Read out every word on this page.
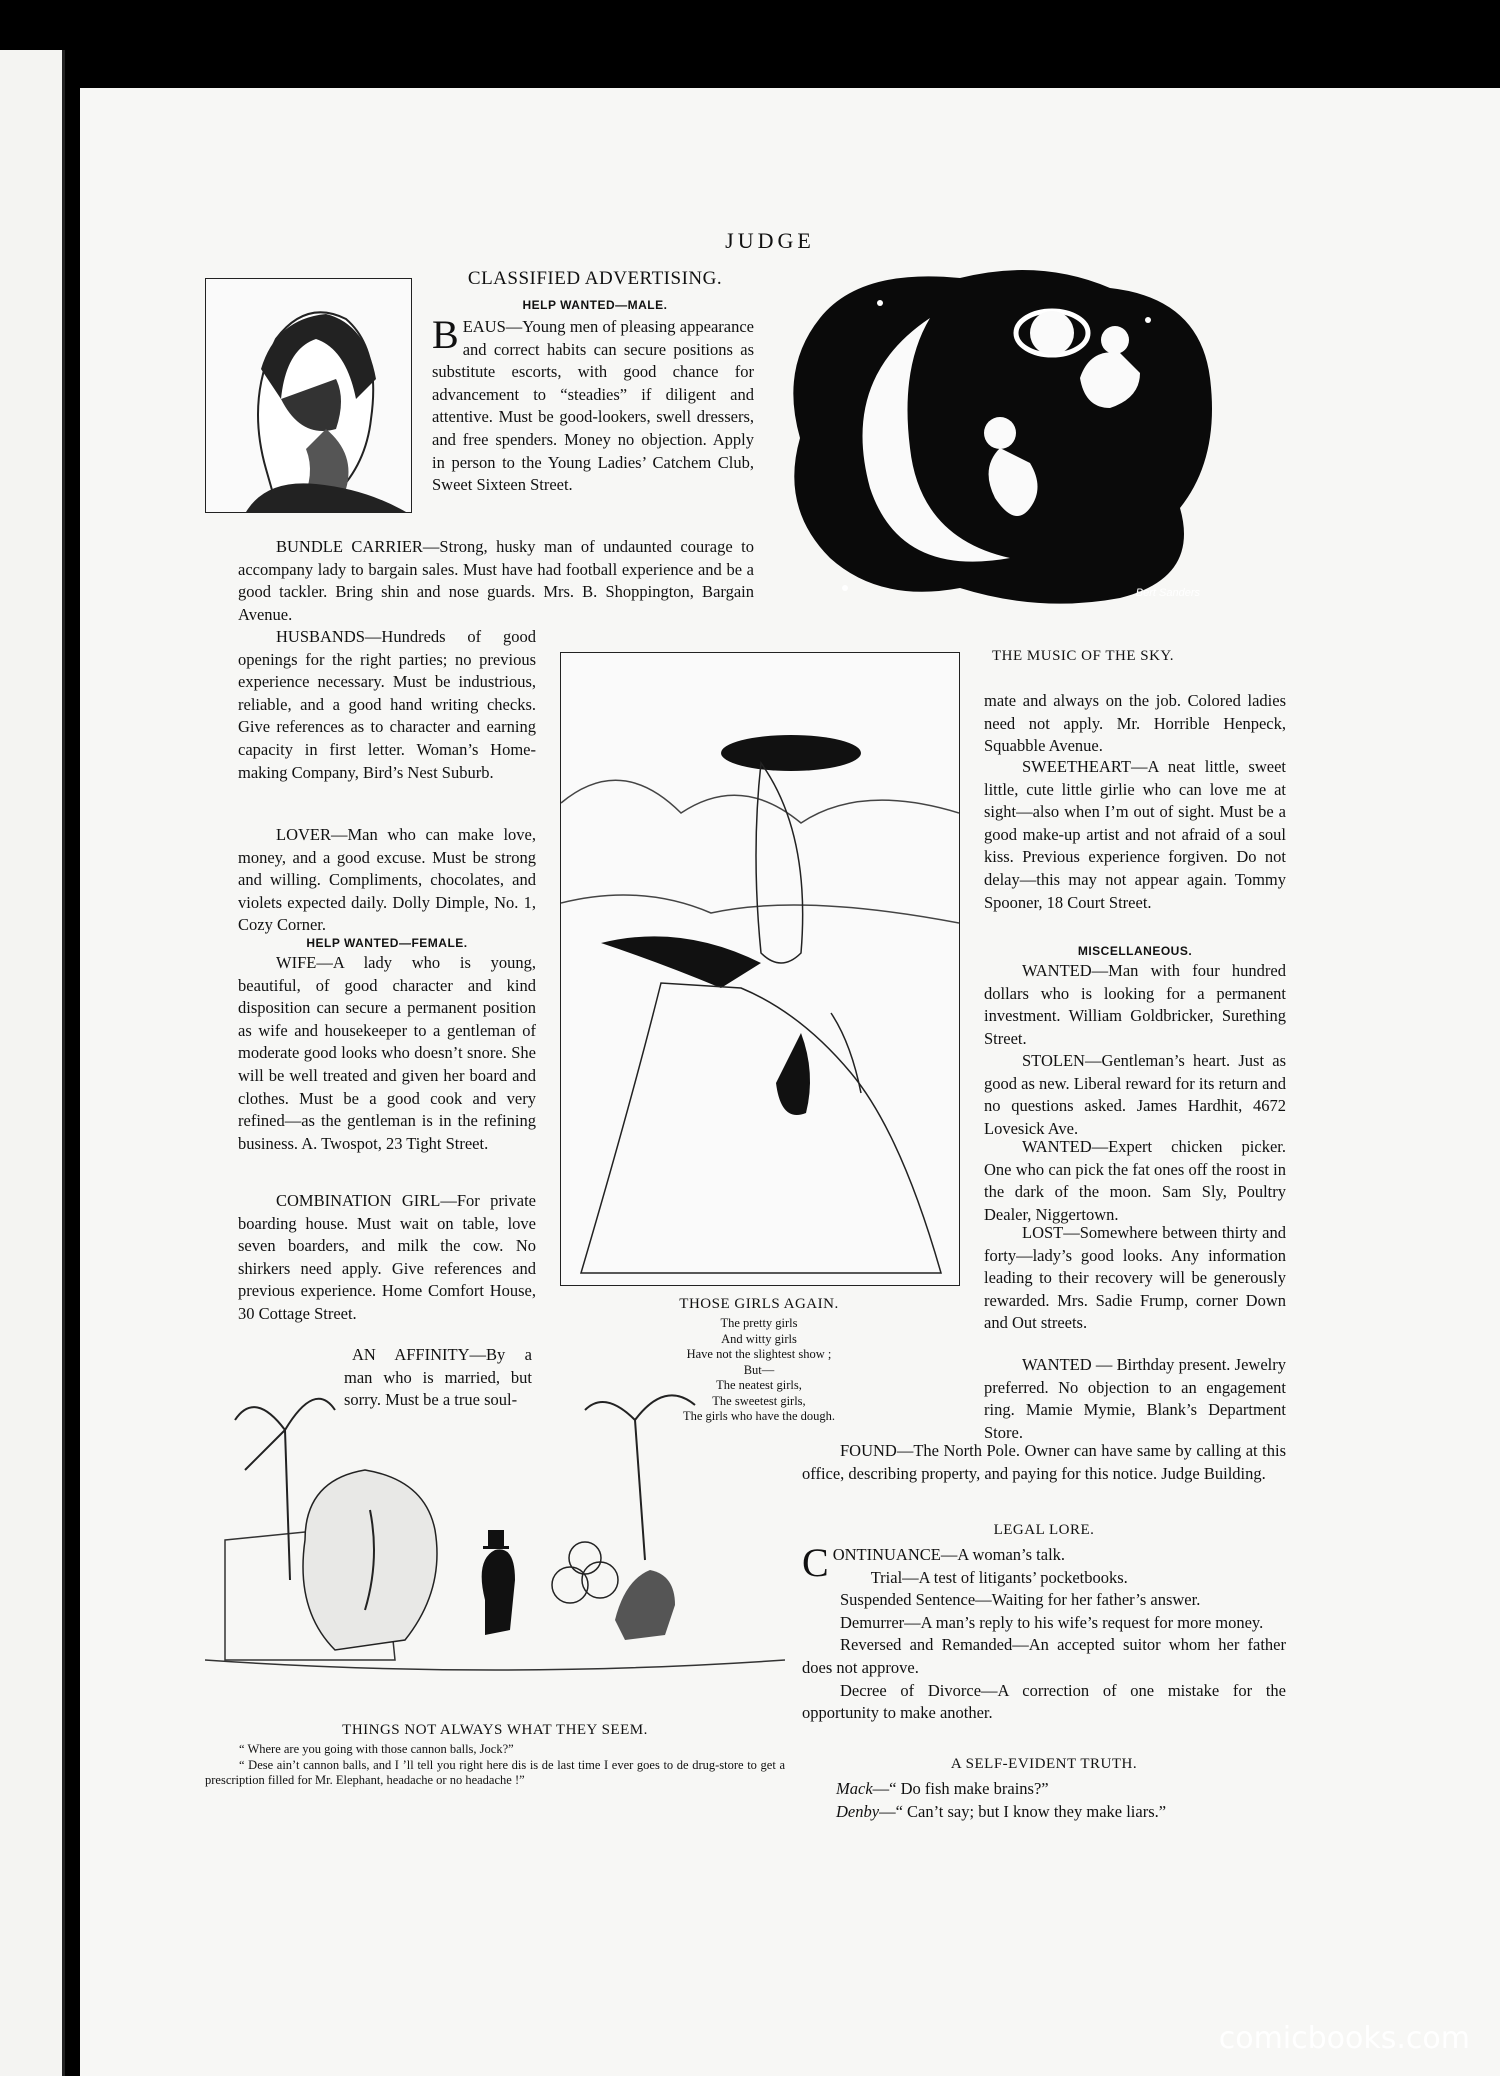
JUDGE
CLASSIFIED ADVERTISING.
HELP WANTED—MALE.
BEAUS—Young men of pleasing appearance and correct habits can secure positions as substitute escorts, with good chance for advancement to “steadies” if diligent and attentive. Must be good-lookers, swell dressers, and free spenders. Money no objection. Apply in person to the Young Ladies’ Catchem Club, Sweet Sixteen Street.

BUNDLE CARRIER—Strong, husky man of undaunted courage to accompany lady to bargain sales. Must have had football experience and be a good tackler. Bring shin and nose guards. Mrs. B. Shoppington, Bargain Avenue.

HUSBANDS—Hundreds of good openings for the right parties; no previous experience necessary. Must be industrious, reliable, and a good hand writing checks. Give references as to character and earning capacity in first letter. Woman’s Home-making Company, Bird’s Nest Suburb.

LOVER—Man who can make love, money, and a good excuse. Must be strong and willing. Compliments, chocolates, and violets expected daily. Dolly Dimple, No. 1, Cozy Corner.

HELP WANTED—FEMALE.

WIFE—A lady who is young, beautiful, of good character and kind disposition can secure a permanent position as wife and housekeeper to a gentleman of moderate good looks who doesn’t snore. She will be well treated and given her board and clothes. Must be a good cook and very refined—as the gentleman is in the refining business. A. Twospot, 23 Tight Street.

COMBINATION GIRL—For private boarding house. Must wait on table, love seven boarders, and milk the cow. No shirkers need apply. Give references and previous experience. Home Comfort House, 30 Cottage Street.

AN AFFINITY—By a man who is married, but sorry. Must be a true soul-

Bert Sanders
THE MUSIC OF THE SKY.
THOSE GIRLS AGAIN.
The pretty girls
And witty girls
Have not the slightest show ;
But—
The neatest girls,
The sweetest girls,
The girls who have the dough.

mate and always on the job. Colored ladies need not apply. Mr. Horrible Henpeck, Squabble Avenue.

SWEETHEART—A neat little, sweet little, cute little girlie who can love me at sight—also when I’m out of sight. Must be a good make-up artist and not afraid of a soul kiss. Previous experience forgiven. Do not delay—this may not appear again. Tommy Spooner, 18 Court Street.

MISCELLANEOUS.

WANTED—Man with four hundred dollars who is looking for a permanent investment. William Goldbricker, Surething Street.

STOLEN—Gentleman’s heart. Just as good as new. Liberal reward for its return and no questions asked. James Hardhit, 4672 Lovesick Ave.

WANTED—Expert chicken picker. One who can pick the fat ones off the roost in the dark of the moon. Sam Sly, Poultry Dealer, Niggertown.

LOST—Somewhere between thirty and forty—lady’s good looks. Any information leading to their recovery will be generously rewarded. Mrs. Sadie Frump, corner Down and Out streets.

WANTED — Birthday present. Jewelry preferred. No objection to an engagement ring. Mamie Mymie, Blank’s Department Store.

FOUND—The North Pole. Owner can have same by calling at this office, describing property, and paying for this notice. Judge Building.

THINGS NOT ALWAYS WHAT THEY SEEM.
“ Where are you going with those cannon balls, Jock?”
“ Dese ain’t cannon balls, and I ’ll tell you right here dis is de last time I ever goes to de drug-store to get a prescription filled for Mr. Elephant, headache or no headache !”
LEGAL LORE.

CONTINUANCE—A woman’s talk.

Trial—A test of litigants’ pocketbooks.

Suspended Sentence—Waiting for her father’s answer.

Demurrer—A man’s reply to his wife’s request for more money.

Reversed and Remanded—An accepted suitor whom her father does not approve.

Decree of Divorce—A correction of one mistake for the opportunity to make another.

A SELF-EVIDENT TRUTH.

Mack—“ Do fish make brains?”

Denby—“ Can’t say; but I know they make liars.”

comicbooks.com
